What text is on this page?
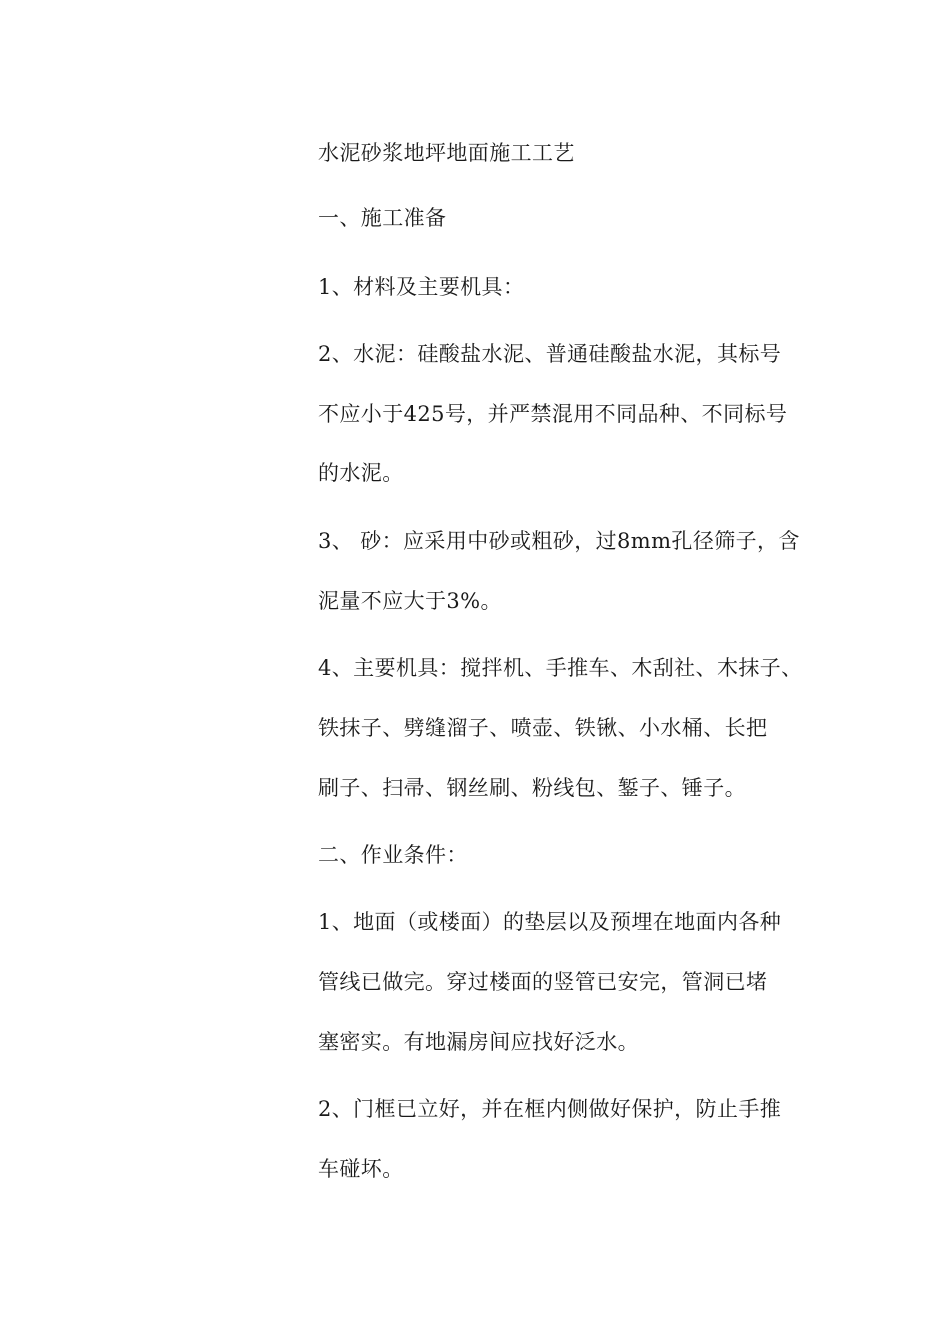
水泥砂浆地坪地面施工工艺
一、施工准备
1、材料及主要机具：
2、水泥：硅酸盐水泥、普通硅酸盐水泥，其标号
不应小于425号，并严禁混用不同品种、不同标号
的水泥。
3、 砂：应采用中砂或粗砂，过8mm孔径筛子，含
泥量不应大于3%。
4、主要机具：搅拌机、手推车、木刮社、木抹子、
铁抹子、劈缝溜子、喷壶、铁锹、小水桶、长把
刷子、扫帚、钢丝刷、粉线包、錾子、锤子。
二、作业条件：
1、地面（或楼面）的垫层以及预埋在地面内各种
管线已做完。穿过楼面的竖管已安完，管洞已堵
塞密实。有地漏房间应找好泛水。
2、门框已立好，并在框内侧做好保护，防止手推
车碰坏。
